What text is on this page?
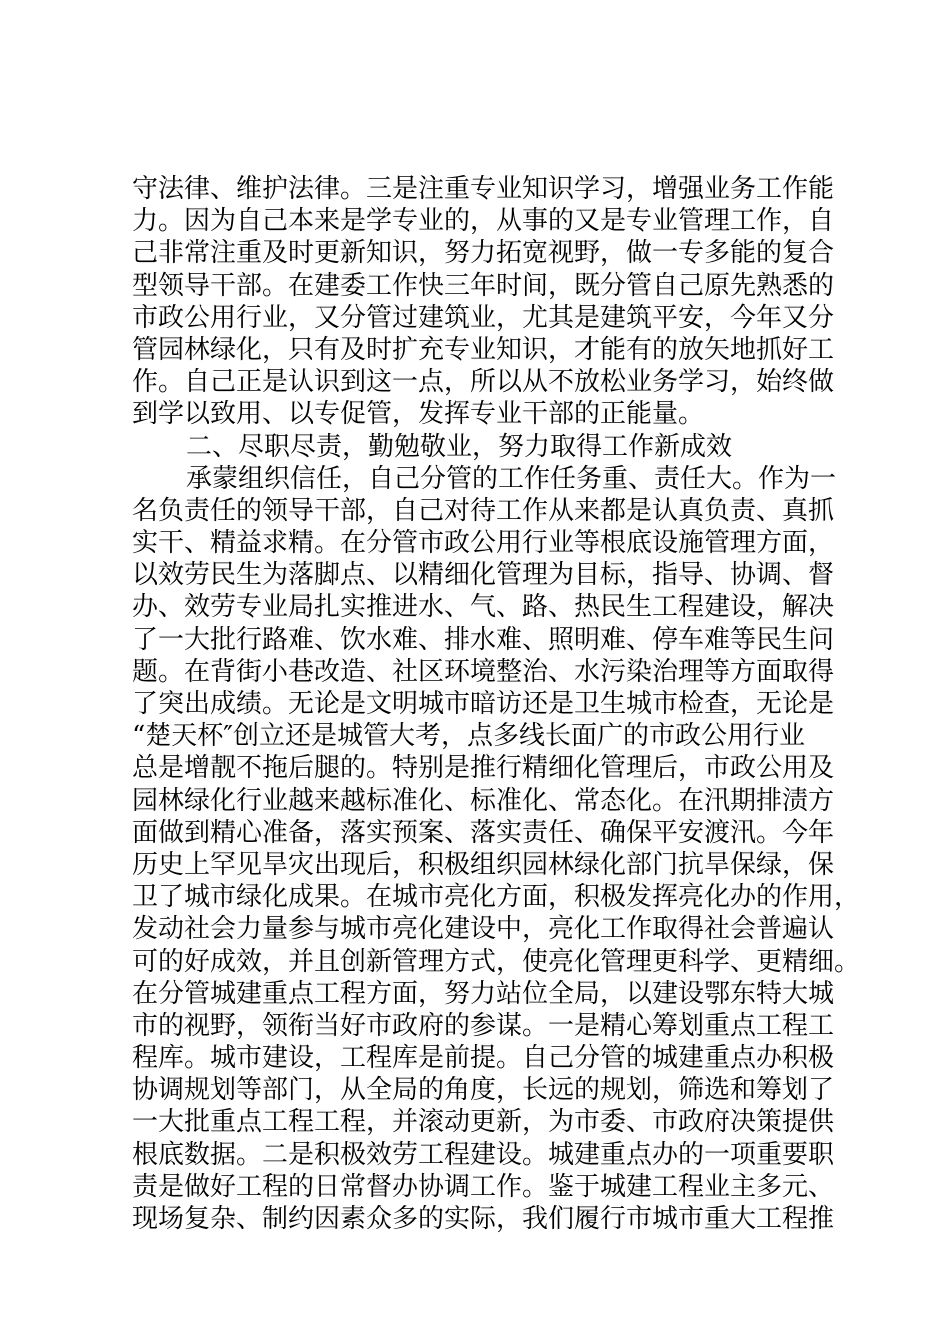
守法律、维护法律。三是注重专业知识学习，增强业务工作能
力。因为自己本来是学专业的，从事的又是专业管理工作，自
己非常注重及时更新知识，努力拓宽视野，做一专多能的复合
型领导干部。在建委工作快三年时间，既分管自己原先熟悉的
市政公用行业，又分管过建筑业，尤其是建筑平安，今年又分
管园林绿化，只有及时扩充专业知识，才能有的放矢地抓好工
作。自己正是认识到这一点，所以从不放松业务学习，始终做
到学以致用、以专促管，发挥专业干部的正能量。
二、尽职尽责，勤勉敬业，努力取得工作新成效
承蒙组织信任，自己分管的工作任务重、责任大。作为一
名负责任的领导干部，自己对待工作从来都是认真负责、真抓
实干、精益求精。在分管市政公用行业等根底设施管理方面，
以效劳民生为落脚点、以精细化管理为目标，指导、协调、督
办、效劳专业局扎实推进水、气、路、热民生工程建设，解决
了一大批行路难、饮水难、排水难、照明难、停车难等民生问
题。在背街小巷改造、社区环境整治、水污染治理等方面取得
了突出成绩。无论是文明城市暗访还是卫生城市检查，无论是
“楚天杯″创立还是城管大考，点多线长面广的市政公用行业
总是增靓不拖后腿的。特别是推行精细化管理后，市政公用及
园林绿化行业越来越标准化、标准化、常态化。在汛期排渍方
面做到精心准备，落实预案、落实责任、确保平安渡汛。今年
历史上罕见旱灾出现后，积极组织园林绿化部门抗旱保绿，保
卫了城市绿化成果。在城市亮化方面，积极发挥亮化办的作用，
发动社会力量参与城市亮化建设中，亮化工作取得社会普遍认
可的好成效，并且创新管理方式，使亮化管理更科学、更精细。
在分管城建重点工程方面，努力站位全局，以建设鄂东特大城
市的视野，领衔当好市政府的参谋。一是精心筹划重点工程工
程库。城市建设，工程库是前提。自己分管的城建重点办积极
协调规划等部门，从全局的角度，长远的规划，筛选和筹划了
一大批重点工程工程，并滚动更新，为市委、市政府决策提供
根底数据。二是积极效劳工程建设。城建重点办的一项重要职
责是做好工程的日常督办协调工作。鉴于城建工程业主多元、
现场复杂、制约因素众多的实际，我们履行市城市重大工程推
